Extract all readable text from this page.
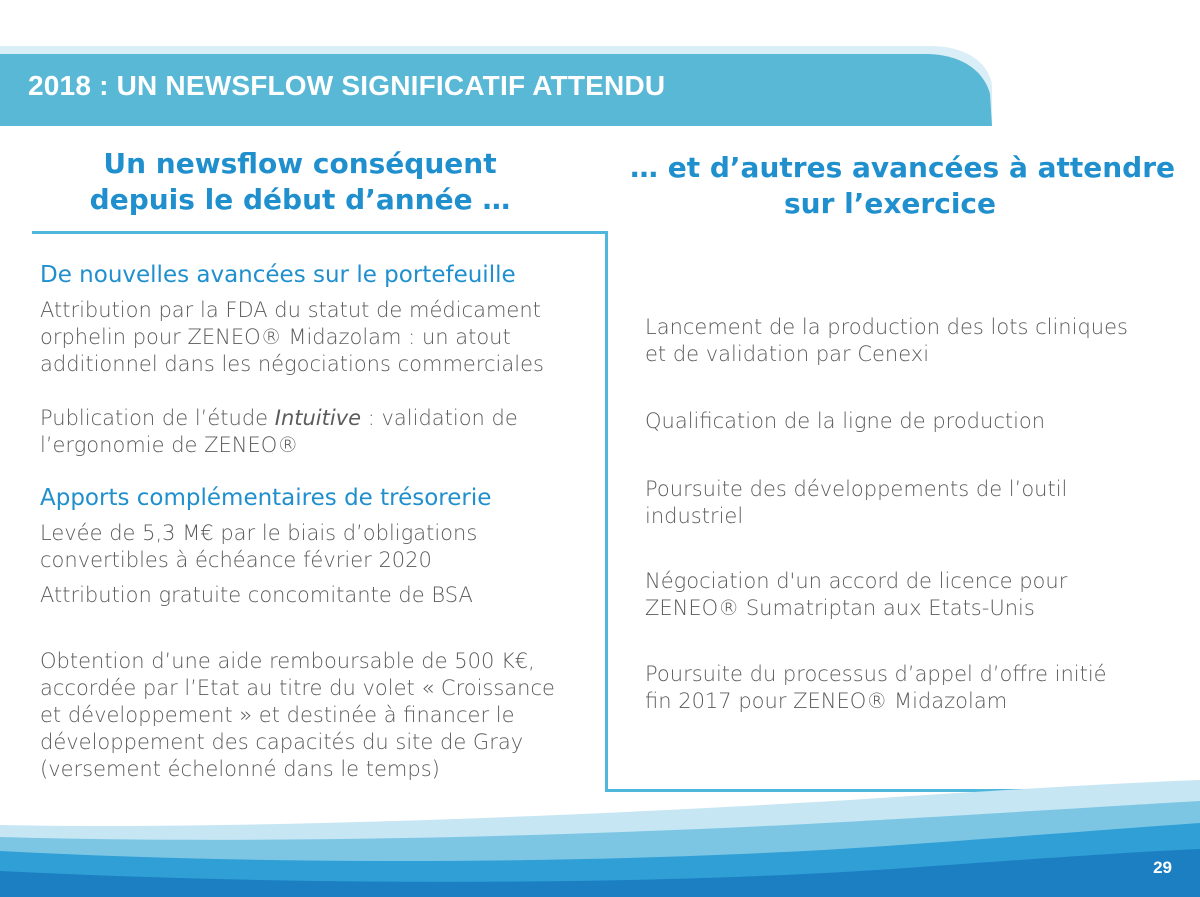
2018 : UN NEWSFLOW SIGNIFICATIF ATTENDU
Un newsflow conséquent
depuis le début d’année …
… et d’autres avancées à attendre
sur l’exercice
De nouvelles avancées sur le portefeuille
Attribution par la FDA du statut de médicament
orphelin pour ZENEO® Midazolam : un atout
additionnel dans les négociations commerciales
Publication de l’étude Intuitive : validation de
l’ergonomie de ZENEO®
Apports complémentaires de trésorerie
Levée de 5,3 M€ par le biais d’obligations
convertibles à échéance février 2020
Attribution gratuite concomitante de BSA
Obtention d’une aide remboursable de 500 K€,
accordée par l’Etat au titre du volet « Croissance
et développement » et destinée à financer le
développement des capacités du site de Gray
(versement échelonné dans le temps)
Lancement de la production des lots cliniques
et de validation par Cenexi
Qualification de la ligne de production
Poursuite des développements de l’outil
industriel
Négociation d'un accord de licence pour
ZENEO® Sumatriptan aux Etats-Unis
Poursuite du processus d’appel d’offre initié
fin 2017 pour ZENEO® Midazolam
29
